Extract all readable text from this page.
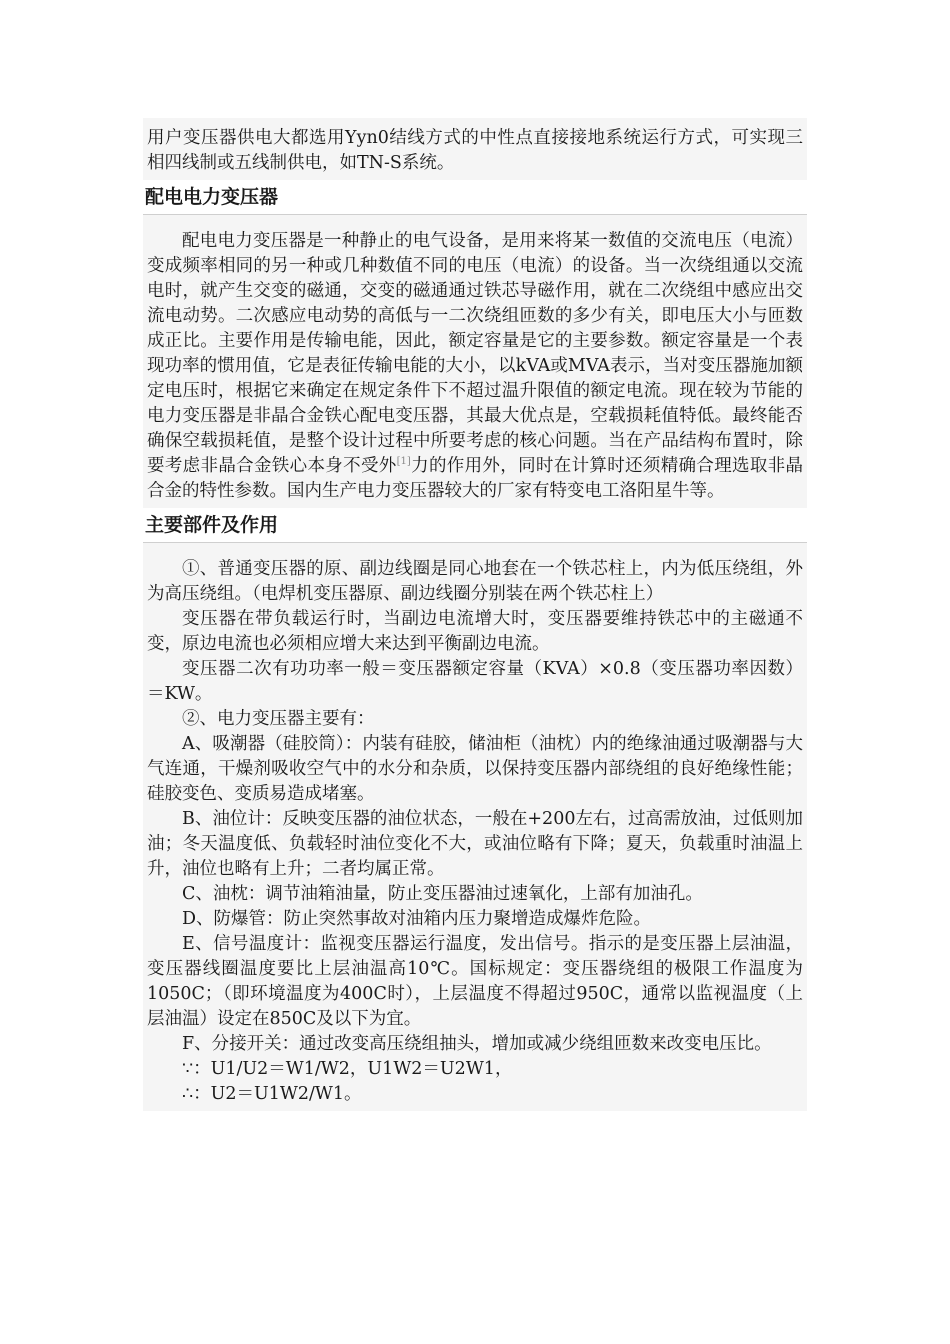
用户变压器供电大都选用Yyn0结线方式的中性点直接接地系统运行方式，可实现三相四线制或五线制供电，如TN-S系统。

配电电力变压器

配电电力变压器是一种静止的电气设备，是用来将某一数值的交流电压（电流）变成频率相同的另一种或几种数值不同的电压（电流）的设备。当一次绕组通以交流电时，就产生交变的磁通，交变的磁通通过铁芯导磁作用，就在二次绕组中感应出交流电动势。二次感应电动势的高低与一二次绕组匝数的多少有关，即电压大小与匝数成正比。主要作用是传输电能，因此，额定容量是它的主要参数。额定容量是一个表现功率的惯用值，它是表征传输电能的大小，以kVA或MVA表示，当对变压器施加额定电压时，根据它来确定在规定条件下不超过温升限值的额定电流。现在较为节能的电力变压器是非晶合金铁心配电变压器，其最大优点是，空载损耗值特低。最终能否确保空载损耗值，是整个设计过程中所要考虑的核心问题。当在产品结构布置时，除要考虑非晶合金铁心本身不受外[1]力的作用外，同时在计算时还须精确合理选取非晶合金的特性参数。国内生产电力变压器较大的厂家有特变电工洛阳星牛等。

主要部件及作用

①、普通变压器的原、副边线圈是同心地套在一个铁芯柱上，内为低压绕组，外为高压绕组。（电焊机变压器原、副边线圈分别装在两个铁芯柱上）

变压器在带负载运行时，当副边电流增大时，变压器要维持铁芯中的主磁通不变，原边电流也必须相应增大来达到平衡副边电流。

变压器二次有功功率一般＝变压器额定容量（KVA）×0.8（变压器功率因数）＝KW。

②、电力变压器主要有：

A、吸潮器（硅胶筒）：内装有硅胶，储油柜（油枕）内的绝缘油通过吸潮器与大气连通，干燥剂吸收空气中的水分和杂质，以保持变压器内部绕组的良好绝缘性能；硅胶变色、变质易造成堵塞。

B、油位计：反映变压器的油位状态，一般在+200左右，过高需放油，过低则加油；冬天温度低、负载轻时油位变化不大，或油位略有下降；夏天，负载重时油温上升，油位也略有上升；二者均属正常。

C、油枕：调节油箱油量，防止变压器油过速氧化，上部有加油孔。

D、防爆管：防止突然事故对油箱内压力聚增造成爆炸危险。

E、信号温度计：监视变压器运行温度，发出信号。指示的是变压器上层油温，变压器线圈温度要比上层油温高10℃。国标规定：变压器绕组的极限工作温度为1050C；（即环境温度为400C时），上层温度不得超过950C，通常以监视温度（上层油温）设定在850C及以下为宜。

F、分接开关：通过改变高压绕组抽头，增加或减少绕组匝数来改变电压比。

∵：U1/U2＝W1/W2，U1W2＝U2W1，

∴：U2＝U1W2/W1。
